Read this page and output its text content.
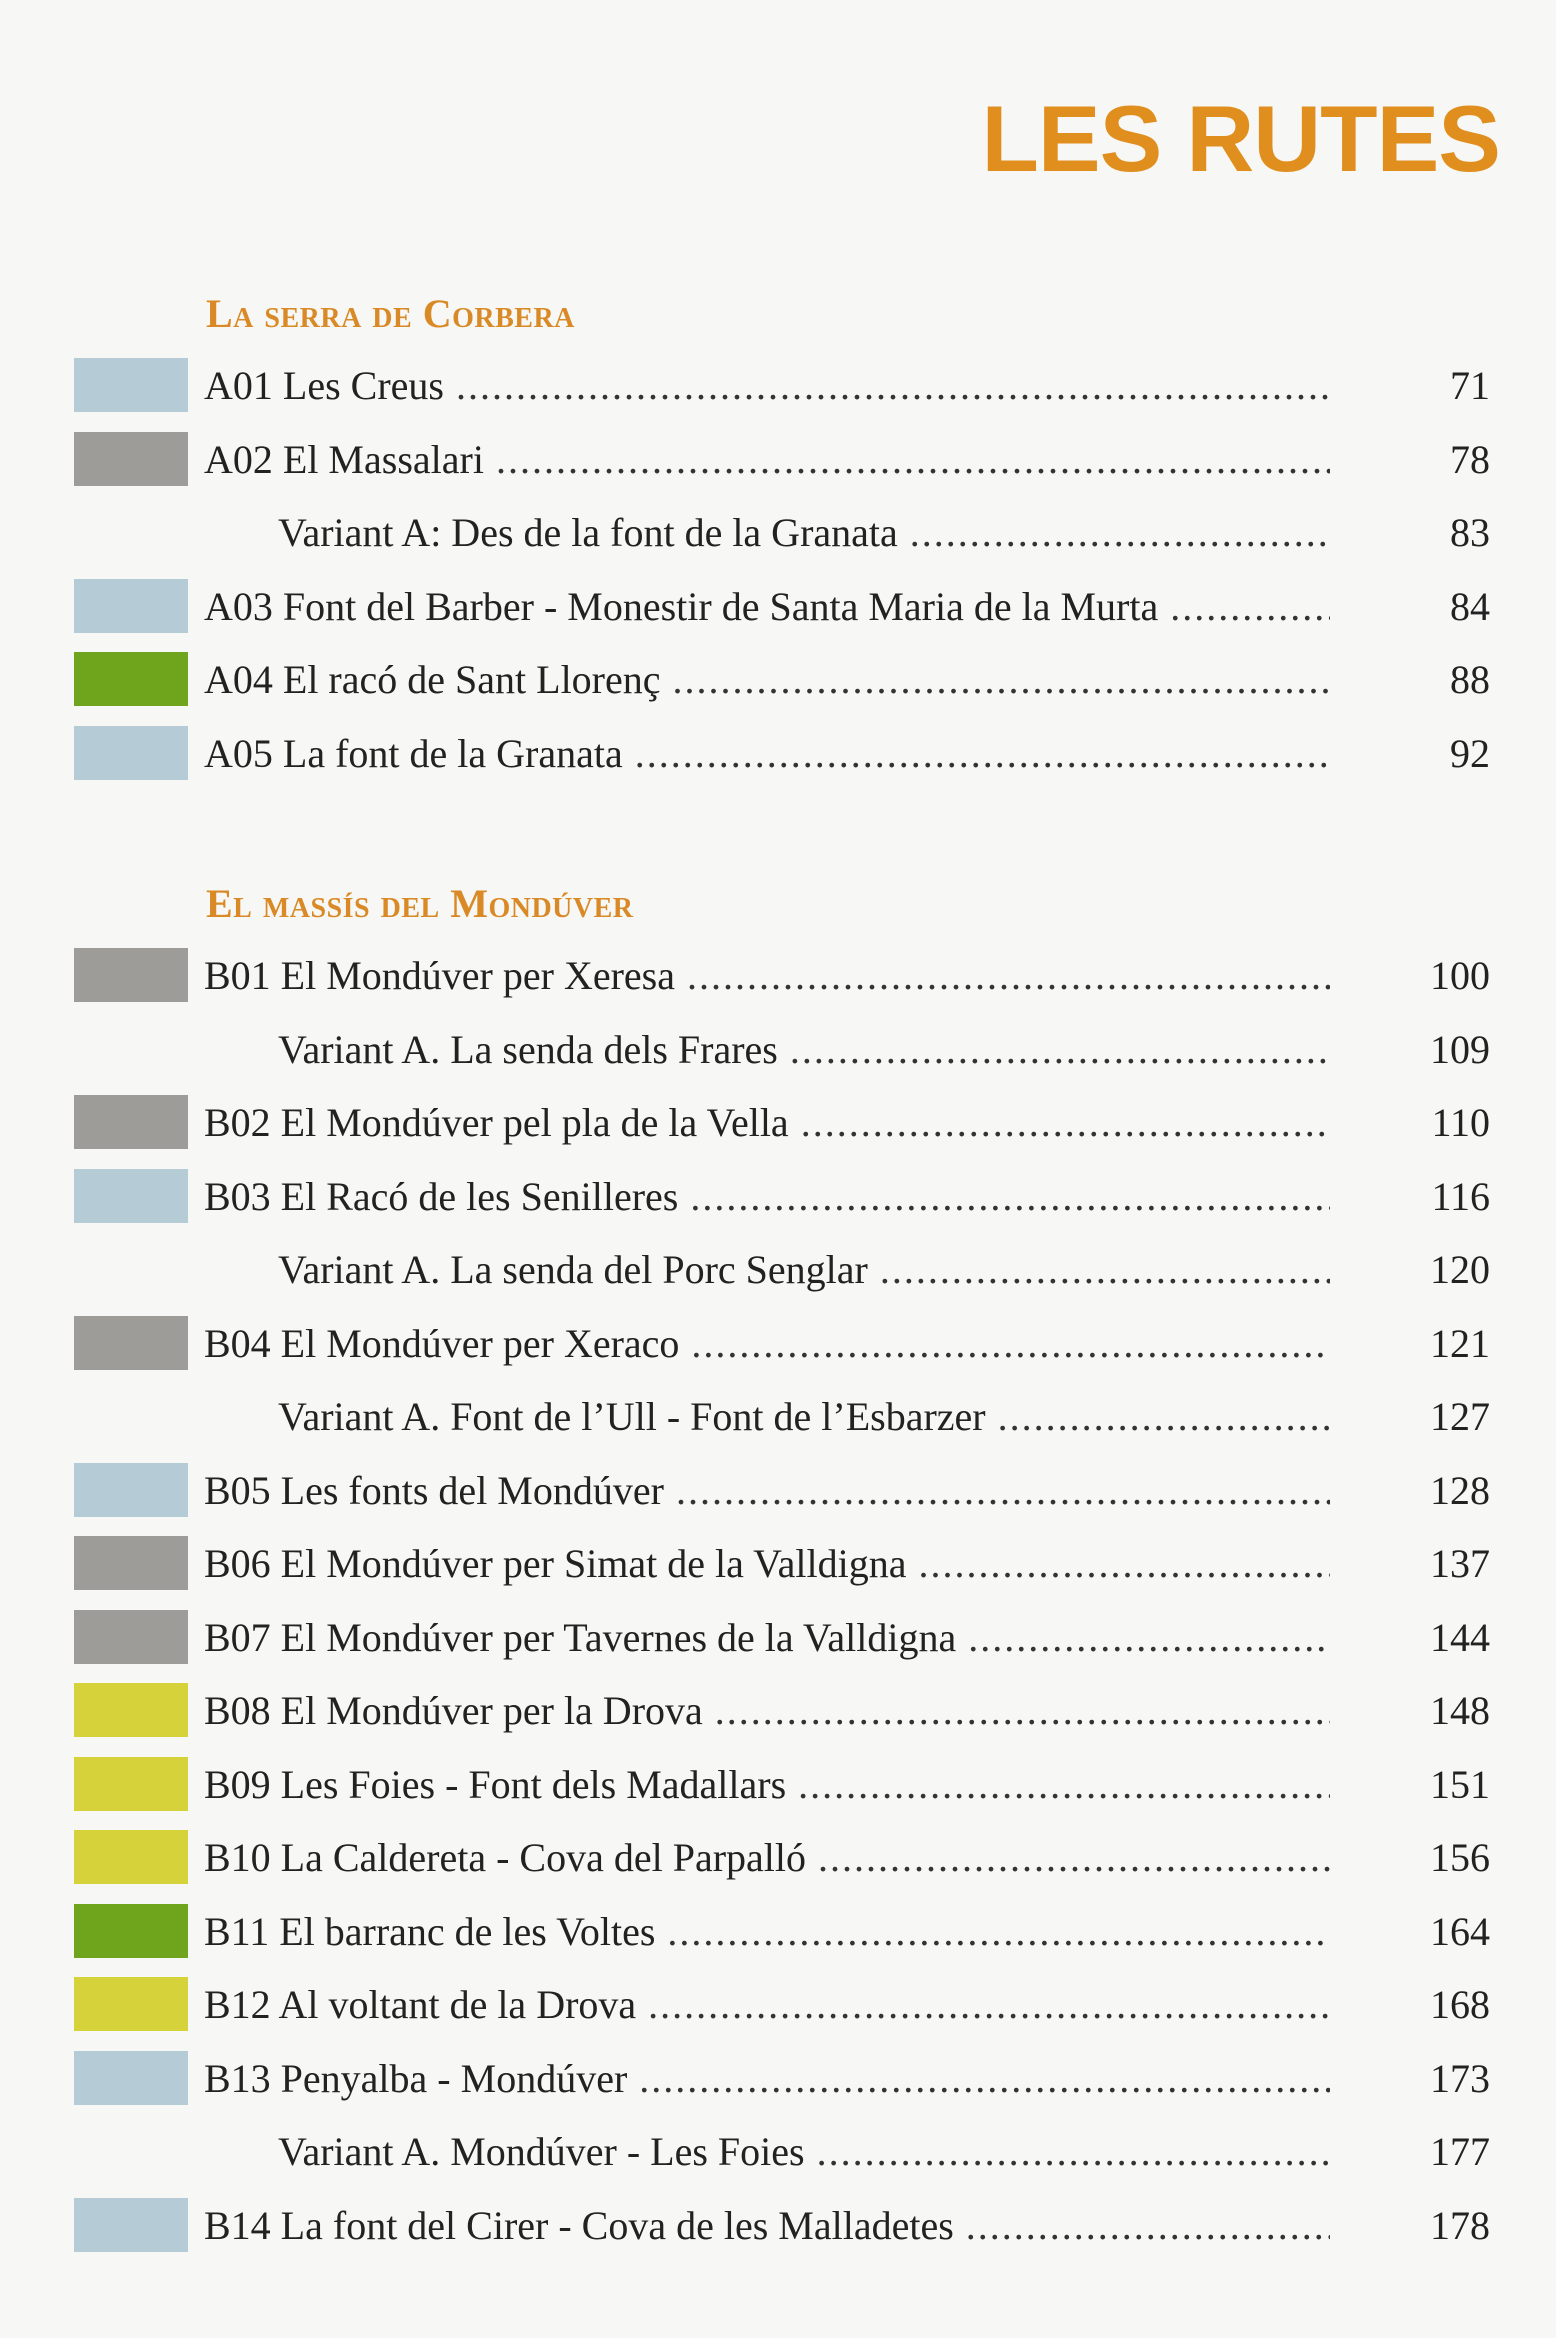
LES RUTES
La serra de Corbera
A01 Les Creus .....	71
A02 El Massalari .....	78
Variant A: Des de la font de la Granata .....	83
A03 Font del Barber - Monestir de Santa Maria de la Murta .....	84
A04 El racó de Sant Llorenç .....	88
A05 La font de la Granata .....	92
El massís del Mondúver
B01 El Mondúver per Xeresa .....	100
Variant A. La senda dels Frares .....	109
B02 El Mondúver pel pla de la Vella .....	110
B03 El Racó de les Senilleres .....	116
Variant A. La senda del Porc Senglar .....	120
B04 El Mondúver per Xeraco .....	121
Variant A. Font de l’Ull - Font de l’Esbarzer .....	127
B05 Les fonts del Mondúver .....	128
B06 El Mondúver per Simat de la Valldigna .....	137
B07 El Mondúver per Tavernes de la Valldigna .....	144
B08 El Mondúver per la Drova .....	148
B09 Les Foies - Font dels Madallars .....	151
B10 La Caldereta - Cova del Parpalló .....	156
B11 El barranc de les Voltes .....	164
B12 Al voltant de la Drova .....	168
B13 Penyalba - Mondúver .....	173
Variant A. Mondúver - Les Foies .....	177
B14 La font del Cirer - Cova de les Malladetes .....	178
